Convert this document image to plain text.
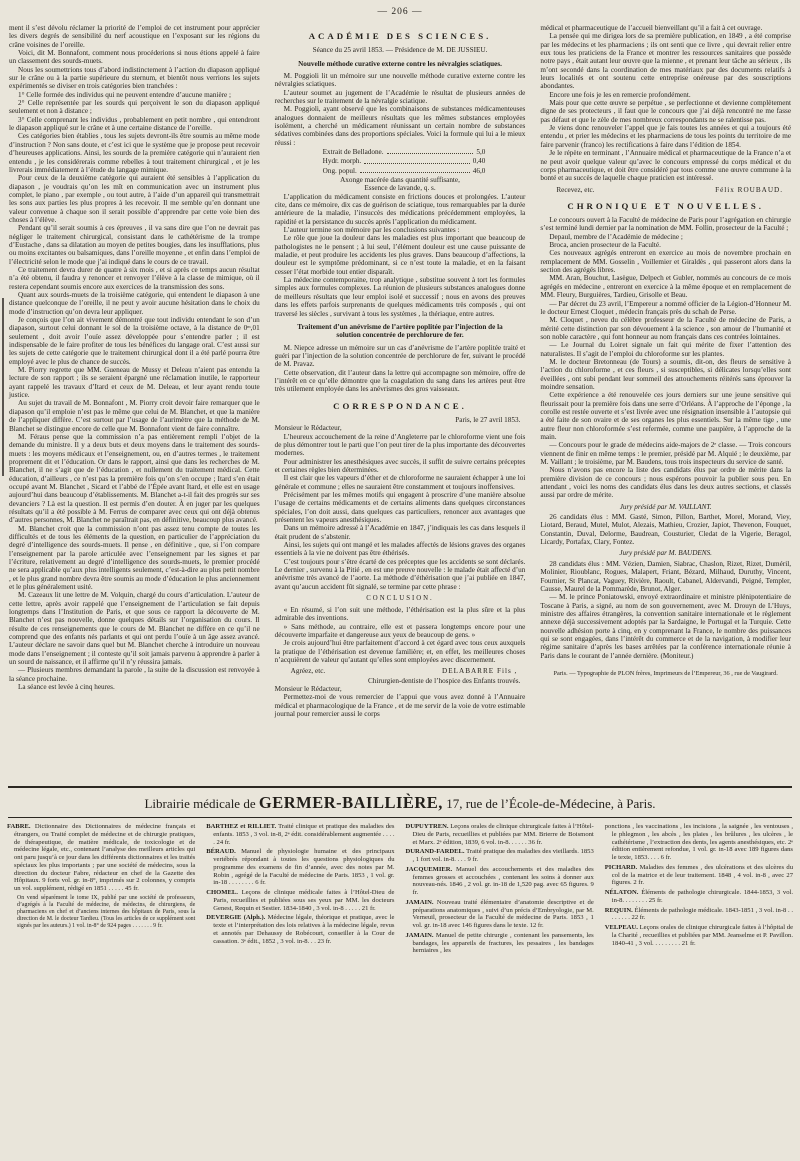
— 206 —

ment il s’est dévolu réclamer la priorité de l’emploi de cet instrument pour apprécier les divers degrés de sensibilité du nerf acoustique en l’exposant sur les régions du crâne voisines de l’oreille.

Voici, dit M. Bonnafont, comment nous procéderions si nous étions appelé à faire un classement des sourds-muets.

Nous les soumettrions tous d’abord indistinctement à l’action du diapason appliqué sur le crâne ou à la partie supérieure du sternum, et bientôt nous verrions les sujets expérimentés se diviser en trois catégories bien tranchées :

1° Celle formée des individus qui ne peuvent entendre d’aucune manière ;

2° Celle représentée par les sourds qui perçoivent le son du diapason appliqué seulement et non à distance ;

3° Celle comprenant les individus , probablement en petit nombre , qui entendront le diapason appliqué sur le crâne et à une certaine distance de l’oreille.

Ces catégories bien établies , tous les sujets devront-ils être soumis au même mode d’instruction ? Non sans doute, et c’est ici que le système que je propose peut recevoir d’heureuses applications. Ainsi, les sourds de la première catégorie qui n’auraient rien entendu , je les considérerais comme rebelles à tout traitement chirurgical , et je les livrerais immédiatement à l’étude du langage mimique.

Pour ceux de la deuxième catégorie qui auraient été sensibles à l’application du diapason , je voudrais qu’on les mît en communication avec un instrument plus complet, le piano , par exemple , ou tout autre, à l’aide d’un appareil qui transmettrait les sons aux parties les plus propres à les recevoir. Il me semble qu’en donnant une valeur convenue à chaque son il serait possible d’apprendre par cette voie bien des choses à l’élève.

Pendant qu’il serait soumis à ces épreuves , il va sans dire que l’on ne devrait pas négliger le traitement chirurgical, consistant dans le cathétérisme de la trompe d’Eustache , dans sa dilatation au moyen de petites bougies, dans les insufflations, plus ou moins excitantes ou balsamiques, dans l’oreille moyenne , et enfin dans l’emploi de l’électricité selon le mode que j’ai indiqué dans le cours de ce travail.

Ce traitement devra durer de quatre à six mois , et si après ce temps aucun résultat n’a été obtenu, il faudra y renoncer et renvoyer l’élève à la classe de mimique, où il restera cependant soumis encore aux exercices de la transmission des sons.

Quant aux sourds-muets de la troisième catégorie, qui entendent le diapason à une distance quelconque de l’oreille, il ne peut y avoir aucune hésitation dans le choix du mode d’instruction qu’on devra leur appliquer.

Je conçois que l’on ait vivement démontré que tout individu entendant le son d’un diapason, surtout celui donnant le sol de la troisième octave, à la distance de 0ᵐ,01 seulement , doit avoir l’ouïe assez développée pour s’entendre parler ; il est indispensable de le faire profiter de tous les bénéfices du langage oral. C’est aussi sur les sujets de cette catégorie que le traitement chirurgical dont il a été parlé pourra être employé avec le plus de chance de succès.

M. Piorry regrette que MM. Gueneau de Mussy et Deleau n’aient pas entendu la lecture de son rapport ; ils se seraient épargné une réclamation inutile, le rapporteur ayant rappelé les travaux d’Itard et ceux de M. Deleau, et leur ayant rendu toute justice.

Au sujet du travail de M. Bonnafont , M. Piorry croit devoir faire remarquer que le diapason qu’il emploie n’est pas le même que celui de M. Blanchet, et que la manière de l’appliquer diffère. C’est surtout par l’usage de l’aurimètre que la méthode de M. Blanchet se distingue encore de celle que M. Bonnafont vient de faire connaître.

M. Féraus pense que la commission n’a pas entièrement rempli l’objet de la demande du ministre. Il y a deux buts et deux moyens dans le traitement des sourds-muets : les moyens médicaux et l’enseignement, ou, en d’autres termes , le traitement proprement dit et l’éducation. Or dans le rapport, ainsi que dans les recherches de M. Blanchet, il ne s’agit que de l’éducation , et nullement du traitement médical. Cette éducation, d’ailleurs , ce n’est pas la première fois qu’on s’en occupe ; Itard s’en était occupé avant M. Blanchet , Sicard et l’abbé de l’Épée avant Itard, et elle est en usage aujourd’hui dans beaucoup d’établissements. M. Blanchet a-t-il fait des progrès sur ses devanciers ? Là est la question. Il est permis d’en douter. À en juger par les quelques résultats qu’il a été possible à M. Ferrus de comparer avec ceux qui ont déjà obtenus d’autres personnes, M. Blanchet ne paraîtrait pas, en définitive, beaucoup plus avancé.

M. Blanchet croit que la commission n’ont pas assez tenu compte de toutes les difficultés et de tous les éléments de la question, en particulier de l’appréciation du degré d’intelligence des sourds-muets. Il pense , en définitive , que, si l’on compare l’enseignement par la parole articulée avec l’enseignement par les signes et par l’écriture, relativement au degré d’intelligence des sourds-muets, le premier procédé ne sera applicable qu’aux plus intelligents seulement, c’est-à-dire au plus petit nombre , et le plus grand nombre devra être soumis au mode d’éducation le plus anciennement et le plus généralement usité.

M. Cazeaux lit une lettre de M. Volquin, chargé du cours d’articulation. L’auteur de cette lettre, après avoir rappelé que l’enseignement de l’articulation se fait depuis longtemps dans l’Institution de Paris, et que sous ce rapport la découverte de M. Blanchet n’est pas nouvelle, donne quelques détails sur l’organisation du cours. Il résulte de ces renseignements que le cours de M. Blanchet ne diffère en ce qu’il ne comprend que des enfants nés parlants et qui ont perdu l’ouïe à un âge assez avancé. L’auteur déclare ne savoir dans quel but M. Blanchet cherche à introduire un nouveau mode dans l’enseignement ; il conteste qu’il soit jamais parvenu à apprendre à parler à un sourd de naissance, et il affirme qu’il n’y réussira jamais.

— Plusieurs membres demandant la parole , la suite de la discussion est renvoyée à la séance prochaine.

La séance est levée à cinq heures.

ACADÉMIE DES SCIENCES.

Séance du 25 avril 1853. — Présidence de M. DE JUSSIEU.

Nouvelle méthode curative externe contre les névralgies sciatiques.

M. Poggioli lit un mémoire sur une nouvelle méthode curative externe contre les névralgies sciatiques.

L’auteur soumet au jugement de l’Académie le résultat de plusieurs années de recherches sur le traitement de la névralgie sciatique.

M. Poggioli, ayant observé que les combinaisons de substances médicamenteuses analogues donnaient de meilleurs résultats que les mêmes substances employées isolément, a cherché un médicament réunissant un certain nombre de substances sédatives combinées dans des proportions spéciales. Voici la formule qui lui a le mieux réussi :

Extrait de Belladone.	5,0
Hydr. morph.	0,40
Ong. popul.	46,0

Axonge macérée dans quantité suffisante,

Essence de lavande, q. s.

L’application du médicament consiste en frictions douces et prolongées. L’auteur cite, dans ce mémoire, dix cas de guérison de sciatique, tous remarquables par la durée antérieure de la maladie, l’insuccès des médications précédemment employées, la rapidité et la persistance du succès après l’application du médicament.

L’auteur termine son mémoire par les conclusions suivantes :

Le rôle que joue la douleur dans les maladies est plus important que beaucoup de pathologistes ne le pensent ; à lui seul, l’élément douleur est une cause puissante de maladie, et peut produire les accidents les plus graves. Dans beaucoup d’affections, la douleur est le symptôme prédominant, si ce n’est toute la maladie, et en la faisant cesser l’état morbide tout entier disparaît.

La médecine contemporaine, trop analytique , substitue souvent à tort les formules simples aux formules complexes. La réunion de plusieurs substances analogues donne de meilleurs résultats que leur emploi isolé et successif ; nous en avons des preuves dans les effets parfois surprenants de quelques médicaments très composés , qui ont traversé les siècles , survivant à tous les systèmes , la thériaque, entre autres.

Traitement d’un anévrisme de l’artère poplitée par l’injection de la solution concentrée de perchlorure de fer.

M. Niepce adresse un mémoire sur un cas d’anévrisme de l’artère poplitée traité et guéri par l’injection de la solution concentrée de perchlorure de fer, suivant le procédé de M. Pravaz.

Cette observation, dit l’auteur dans la lettre qui accompagne son mémoire, offre de l’intérêt en ce qu’elle démontre que la coagulation du sang dans les artères peut être très utilement employée dans les anévrismes des gros vaisseaux.

CORRESPONDANCE.

Paris, le 27 avril 1853.

Monsieur le Rédacteur,

L’heureux accouchement de la reine d’Angleterre par le chloroforme vient une fois de plus démontrer tout le parti que l’on peut tirer de la plus importante des découvertes modernes.

Pour administrer les anesthésiques avec succès, il suffit de suivre certains préceptes et certaines règles bien déterminées.

Il est clair que les vapeurs d’éther et de chloroforme ne sauraient échapper à une loi générale et commune ; elles ne sauraient être constamment et toujours inoffensives.

Précisément par les mêmes motifs qui engagent à proscrire d’une manière absolue l’usage de certains médicaments et de certains aliments dans quelques circonstances spéciales, l’on doit aussi, dans quelques cas particuliers, renoncer aux avantages que présentent les vapeurs anesthésiques.

Dans un mémoire adressé à l’Académie en 1847, j’indiquais les cas dans lesquels il était prudent de s’abstenir.

Ainsi, les sujets qui ont mangé et les malades affectés de lésions graves des organes essentiels à la vie ne doivent pas être éthérisés.

C’est toujours pour s’être écarté de ces préceptes que les accidents se sont déclarés. Le dernier , survenu à la Pitié , en est une preuve nouvelle : le malade était affecté d’un anévrisme très avancé de l’aorte. La méthode d’éthérisation que j’ai publiée en 1847, avant qu’aucun accident fût signalé, se termine par cette phrase :

CONCLUSION.

« En résumé, si l’on suit une méthode, l’éthérisation est la plus sûre et la plus admirable des inventions.

» Sans méthode, au contraire, elle est et passera longtemps encore pour une découverte imparfaite et dangereuse aux yeux de beaucoup de gens. »

Je crois aujourd’hui être parfaitement d’accord à cet égard avec tous ceux auxquels la pratique de l’éthérisation est devenue familière; et, en effet, les meilleures choses n’acquièrent de valeur qu’autant qu’elles sont employées avec discernement.

Agréez, etc.	DELABARRE Fils ,

Chirurgien-dentiste de l’hospice des Enfants trouvés.

Monsieur le Rédacteur,

Permettez-moi de vous remercier de l’appui que vous avez donné à l’Annuaire médical et pharmacologique de la France , et de me servir de la voie de votre estimable journal pour remercier aussi le corps

médical et pharmaceutique de l’accueil bienveillant qu’il a fait à cet ouvrage.

La pensée qui me dirigea lors de sa première publication, en 1849 , a été comprise par les médecins et les pharmaciens ; ils ont senti que ce livre , qui devrait relier entre eux tous les praticiens de la France et montrer les ressources sanitaires que possède notre pays , était autant leur œuvre que la mienne , et prenant leur tâche au sérieux , ils m’ont secondé dans la coordination de mes matériaux par des documents relatifs à leurs localités et ont soutenu cette entreprise onéreuse par des souscriptions abondantes.

Encore une fois je les en remercie profondément.

Mais pour que cette œuvre se perpétue , se perfectionne et devienne complètement digne de ses protecteurs , il faut que le concours que j’ai déjà rencontré ne me fasse pas défaut et que le zèle de mes nombreux correspondants ne se ralentisse pas.

Je viens donc renouveler l’appel que je fais toutes les années et qui a toujours été entendu , et prier les médecins et les pharmaciens de tous les points du territoire de me faire parvenir (franco) les rectifications à faire dans l’édition de 1854.

Je le répète en terminant , l’Annuaire médical et pharmaceutique de la France n’a et ne peut avoir quelque valeur qu’avec le concours empressé du corps médical et du corps pharmaceutique, et doit être considéré par tous comme une œuvre commune à la bonté et au succès de laquelle chaque praticien est intéressé.

Recevez, etc.	Félix ROUBAUD.

CHRONIQUE ET NOUVELLES.

Le concours ouvert à la Faculté de médecine de Paris pour l’agrégation en chirurgie s’est terminé lundi dernier par la nomination de MM. Follin, prosecteur de la Faculté ;

Depaul, membre de l’Académie de médecine ;

Broca, ancien prosecteur de la Faculté.

Ces nouveaux agrégés entreront en exercice au mois de novembre prochain en remplacement de MM. Gosselin , Voillemier et Giraldès , qui passeront alors dans la section des agrégés libres.

MM. Aran, Bouchut, Lasègue, Delpech et Gubler, nommés au concours de ce mois agrégés en médecine , entreront en exercice à la même époque et en remplacement de MM. Fleury, Burguières, Tardieu, Grisolle et Beau.

— Par décret du 23 avril, l’Empereur a nommé officier de la Légion-d’Honneur M. le docteur Ernest Cloquet , médecin français près du schah de Perse.

M. Cloquet , neveu du célèbre professeur de la Faculté de médecine de Paris, a mérité cette distinction par son dévouement à la science , son amour de l’humanité et son noble caractère , qui font honneur au nom français dans ces contrées lointaines.

— Le Journal du Loiret signale un fait qui mérite de fixer l’attention des naturalistes. Il s’agit de l’emploi du chloroforme sur les plantes.

M. le docteur Bretonneau (de Tours) a soumis, dit-on, des fleurs de sensitive à l’action du chloroforme , et ces fleurs , si susceptibles, si délicates lorsqu’elles sont éveillées , ont subi pendant leur sommeil des attouchements réitérés sans éprouver la moindre sensation.

Cette expérience a été renouvelée ces jours derniers sur une jeune sensitive qui fleurissait pour la première fois dans une serre d’Orléans. À l’approche de l’éponge , la corolle est restée ouverte et s’est livrée avec une résignation insensible à l’autopsie qui a été faite de son ovaire et de ses organes les plus essentiels. Sur la même tige , une autre fleur non chloroformée s’est refermée, comme une paupière, à l’approche de la main.

— Concours pour le grade de médecins aide-majors de 2ᵉ classe. — Trois concours viennent de finir en même temps : le premier, présidé par M. Alquié ; le deuxième, par M. Vaillant ; le troisième, par M. Baudens, tous trois inspecteurs du service de santé.

Nous n’avons pas encore la liste des candidats élus par ordre de mérite dans la première division de ce concours ; nous espérons pouvoir la publier sous peu. En attendant , voici les noms des candidats élus dans les deux autres sections, et classés aussi par ordre de mérite.

Jury présidé par M. VAILLANT.

26 candidats élus : MM. Gasté, Simon, Pillon, Barthet, Morel, Morand, Viey, Liotard, Beraud, Mutel, Mulot, Alezais, Mathieu, Crozier, Japiot, Thevenon, Fouquet, Constantin, Duval, Delorme, Baudrean, Cousturier, Cledat de la Vigerie, Beragol, Licardy, Portafax, Clary, Fontez.

Jury présidé par M. BAUDENS.

28 candidats élus : MM. Vézien, Damien, Siabrac, Chaslon, Rizet, Rizet, Duméril, Molinier, Rioublanc, Rogues, Malapert, Friant, Bézard, Milhaud, Duruthy, Vincent, Fournier, St Plancat, Vaguey, Rivière, Raoult, Cabanel, Aldervandi, Peigné, Templer, Causse, Maurel de la Pommarède, Brunot, Alger.

— M. le prince Poniatowski, envoyé extraordinaire et ministre plénipotentiaire de Toscane à Paris, a signé, au nom de son gouvernement, avec M. Drouyn de L’Huys, ministre des affaires étrangères, la convention sanitaire internationale et le règlement annexe déjà successivement adoptés par la Sardaigne, le Portugal et la Turquie. Cette nouvelle adhésion porte à cinq, en y comprenant la France, le nombre des puissances qui se sont engagées, dans l’intérêt du commerce et de la navigation, à modifier leur régime sanitaire d’après les bases arrêtées par la conférence internationale réunie à Paris dans le courant de l’année dernière. (Moniteur.)

Paris. — Typographie de PLON frères, Imprimeurs de l’Empereur, 36 , rue de Vaugirard.

Librairie médicale de GERMER-BAILLIÈRE, 17, rue de l’École-de-Médecine, à Paris.

FABRE. Dictionnaire des Dictionnaires de médecine français et étrangers, ou Traité complet de médecine et de chirurgie pratiques, de thérapeutique, de matière médicale, de toxicologie et de médecine légale, etc., contenant l’analyse des meilleurs articles qui ont paru jusqu’à ce jour dans les différents dictionnaires et les traités spéciaux les plus importants ; par une société de médecins, sous la direction du docteur Fabre, rédacteur en chef de la Gazette des Hôpitaux. 9 forts vol. gr. in-8°, imprimés sur 2 colonnes, y compris un vol. supplément, rédigé en 1851 . . . . . 45 fr.

On vend séparément le tome IX, publié par une société de professeurs, d’agrégés à la Faculté de médecine, de médecins, de chirurgiens, de pharmaciens en chef et d’anciens internes des hôpitaux de Paris, sous la direction de M. le docteur Tardieu. (Tous les articles de ce supplément sont signés par les auteurs.) 1 vol. in-8° de 924 pages . . . . . . . 9 fr.

BARTHEZ et RILLIET. Traité clinique et pratique des maladies des enfants. 1853 , 3 vol. in-8, 2ᵉ édit. considérablement augmentée . . . . . 24 fr.

BÉRAUD. Manuel de physiologie humaine et des principaux vertébrés répondant à toutes les questions physiologiques du programme des examens de fin d’année, avec des notes par M. Robin , agrégé de la Faculté de médecine de Paris. 1853 , 1 vol. gr. in-18 . . . . . . . . 6 fr.

CHOMEL. Leçons de clinique médicale faites à l’Hôtel-Dieu de Paris, recueillies et publiées sous ses yeux par MM. les docteurs Genest, Requin et Sestier. 1834-1840 , 3 vol. in-8 . . . . . 21 fr.

DEVERGIE (Alph.). Médecine légale, théorique et pratique, avec le texte et l’interprétation des lois relatives à la médecine légale, revus et annotés par Dehaussy de Robécourt, conseiller à la Cour de cassation. 3ᵉ édit., 1852 , 3 vol. in-8. . . 23 fr.

DUPUYTREN. Leçons orales de clinique chirurgicale faites à l’Hôtel-Dieu de Paris, recueillies et publiées par MM. Brierre de Boismont et Marx. 2ᵉ édition, 1839, 6 vol. in-8. . . . . . 36 fr.

DURAND-FARDEL. Traité pratique des maladies des vieillards. 1853 , 1 fort vol. in-8. . . . 9 fr.

JACQUEMIER. Manuel des accouchements et des maladies des femmes grosses et accouchées , contenant les soins à donner aux nouveau-nés. 1846 , 2 vol. gr. in-18 de 1,520 pag. avec 65 figures. 9 fr.

JAMAIN. Nouveau traité élémentaire d’anatomie descriptive et de préparations anatomiques , suivi d’un précis d’Embryologie, par M. Verneuil, prosecteur de la Faculté de médecine de Paris. 1853 , 1 vol. gr. in-18 avec 146 figures dans le texte. 12 fr.

JAMAIN. Manuel de petite chirurgie , contenant les pansements, les bandages, les appareils de fractures, les pessaires , les bandages herniaires , les

ponctions , les vaccinations , les incisions , la saignée , les ventouses , le phlegmon , les abcès , les plaies , les brûlures , les ulcères , le cathétérisme , l’extraction des dents, les agents anesthésiques, etc. 2ᵉ édition entièrement refondue, 1 vol. gr. in-18 avec 189 figures dans le texte, 1853. . . . 6 fr.

PICHARD. Maladies des femmes , des ulcérations et des ulcères du col de la matrice et de leur traitement. 1848 , 4 vol. in-8 , avec 27 figures. 2 fr.

NÉLATON. Éléments de pathologie chirurgicale. 1844-1853, 3 vol. in-8. . . . . . . . 25 fr.

REQUIN. Éléments de pathologie médicale. 1843-1851 , 3 vol. in-8 . . . . . . . . 22 fr.

VELPEAU. Leçons orales de clinique chirurgicale faites à l’hôpital de la Charité , recueillies et publiées par MM. Jeanselme et P. Pavillon. 1840-41 , 3 vol. . . . . . . . . 21 fr.
